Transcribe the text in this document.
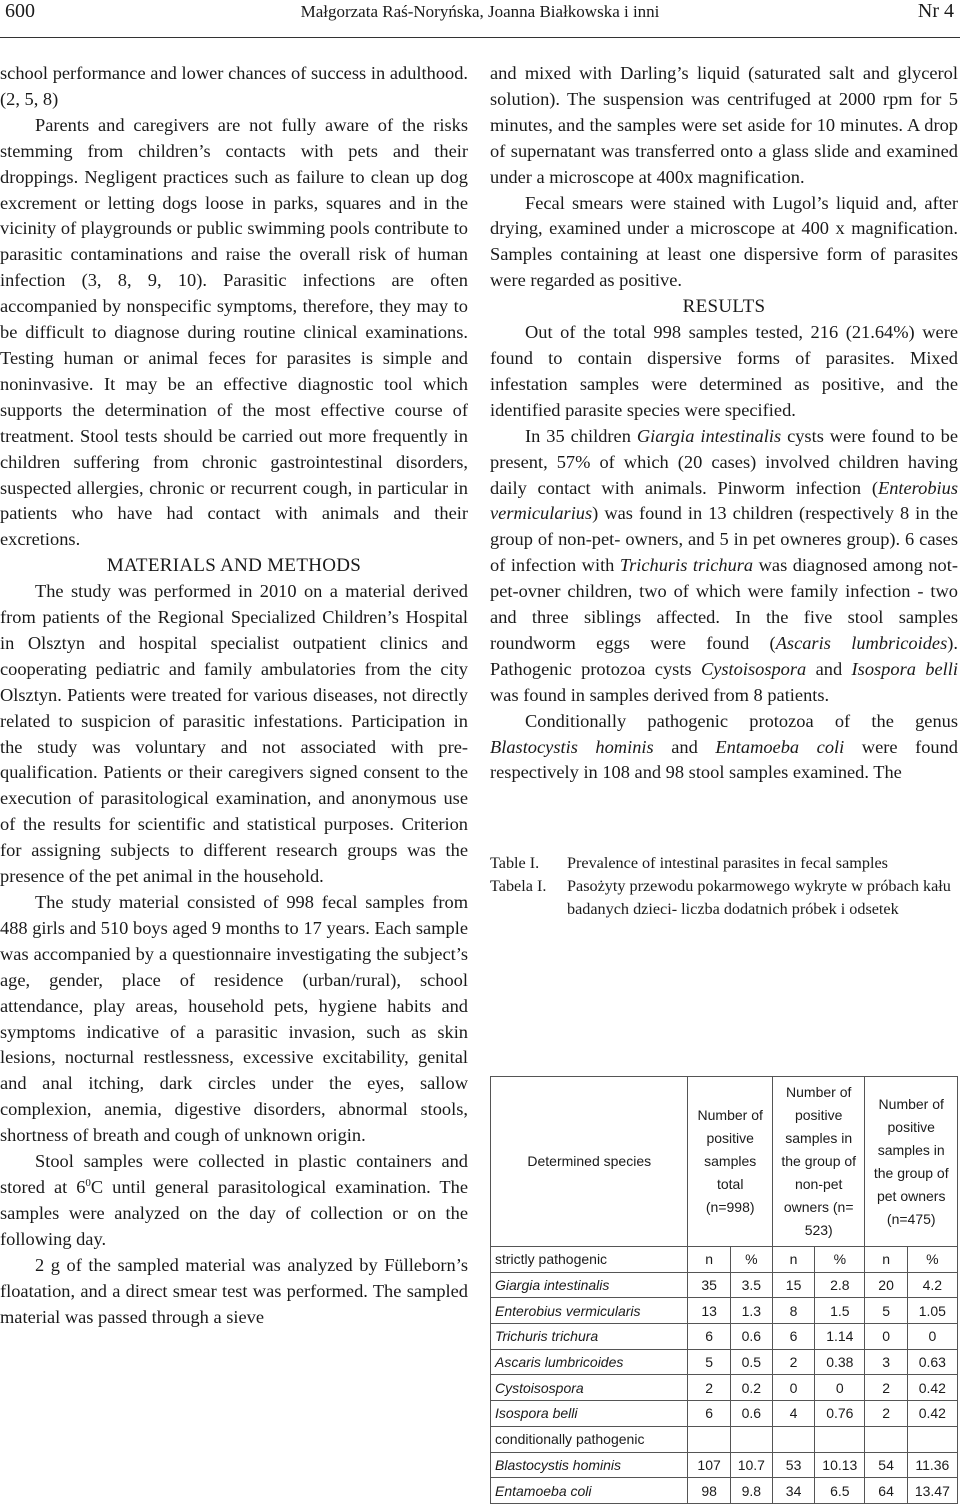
600	Małgorzata Raś-Noryńska, Joanna Białkowska i inni	Nr 4

school performance and lower chances of success in adulthood. (2, 5, 8)

Parents and caregivers are not fully aware of the risks stemming from children’s contacts with pets and their droppings. Negligent practices such as failure to clean up dog excrement or letting dogs loose in parks, squares and in the vicinity of playgrounds or public swimming pools contribute to parasitic contaminations and raise the overall risk of human infection (3, 8, 9, 10). Parasitic infections are often accompanied by nonspecific symptoms, therefore, they may to be difficult to diagnose during routine clinical examinations. Testing human or animal feces for parasites is simple and noninvasive. It may be an effective diagnostic tool which supports the determination of the most effective course of treatment. Stool tests should be carried out more frequently in children suffering from chronic gastrointestinal disorders, suspected allergies, chronic or recurrent cough, in particular in patients who have had contact with animals and their excretions.

MATERIALS AND METHODS

The study was performed in 2010 on a material derived from patients of the Regional Specialized Children’s Hospital in Olsztyn and hospital specialist outpatient clinics and cooperating pediatric and family ambulatories from the city Olsztyn. Patients were treated for various diseases, not directly related to suspicion of parasitic infestations. Participation in the study was voluntary and not associated with pre-qualification. Patients or their caregivers signed consent to the execution of parasitological examination, and anonymous use of the results for scientific and statistical purposes. Criterion for assigning subjects to different research groups was the presence of the pet animal in the household.

The study material consisted of 998 fecal samples from 488 girls and 510 boys aged 9 months to 17 years. Each sample was accompanied by a questionnaire investigating the subject’s age, gender, place of residence (urban/rural), school attendance, play areas, household pets, hygiene habits and symptoms indicative of a parasitic invasion, such as skin lesions, nocturnal restlessness, excessive excitability, genital and anal itching, dark circles under the eyes, sallow complexion, anemia, digestive disorders, abnormal stools, shortness of breath and cough of unknown origin.

Stool samples were collected in plastic containers and stored at $6^0C$ until general parasitological examination. The samples were analyzed on the day of collection or on the following day.

2 g of the sampled material was analyzed by Fülleborn’s floatation, and a direct smear test was performed. The sampled material was passed through a sieve

and mixed with Darling’s liquid (saturated salt and glycerol solution). The suspension was centrifuged at 2000 rpm for 5 minutes, and the samples were set aside for 10 minutes. A drop of supernatant was transferred onto a glass slide and examined under a microscope at 400x magnification.

Fecal smears were stained with Lugol’s liquid and, after drying, examined under a microscope at 400 x magnification. Samples containing at least one dispersive form of parasites were regarded as positive.

RESULTS

Out of the total 998 samples tested, 216 (21.64%) were found to contain dispersive forms of parasites. Mixed infestation samples were determined as positive, and the identified parasite species were specified.

In 35 children Giargia intestinalis cysts were found to be present, 57% of which (20 cases) involved children having daily contact with animals. Pinworm infection (Enterobius vermicularius) was found in 13 children (respectively 8 in the group of non-pet- owners, and 5 in pet owneres group). 6 cases of infection with Trichuris trichura was diagnosed among not-pet-ovner children, two of which were family infection - two and three siblings affected. In the five stool samples roundworm eggs were found (Ascaris lumbricoides). Pathogenic protozoa cysts Cystoisospora and Isospora belli was found in samples derived from 8 patients.

Conditionally pathogenic protozoa of the genus Blastocystis hominis and Entamoeba coli were found respectively in 108 and 98 stool samples examined. The

Table I.	Prevalence of intestinal parasites in fecal samples
Tabela I.	Pasożyty przewodu pokarmowego wykryte w próbach kału badanych dzieci- liczba dodatnich próbek i odsetek
Determined species	Number of positive samples total (n=998)		Number of positive samples in the group of non-pet owners (n= 523)		Number of positive samples in the group of pet owners (n=475)	
strictly pathogenic	n	%	n	%	n	%
Giargia intestinalis	35	3.5	15	2.8	20	4.2
Enterobius vermicularis	13	1.3	8	1.5	5	1.05
Trichuris trichura	6	0.6	6	1.14	0	0
Ascaris lumbricoides	5	0.5	2	0.38	3	0.63
Cystoisospora	2	0.2	0	0	2	0.42
Isospora belli	6	0.6	4	0.76	2	0.42
conditionally pathogenic						
Blastocystis hominis	107	10.7	53	10.13	54	11.36
Entamoeba coli	98	9.8	34	6.5	64	13.47
